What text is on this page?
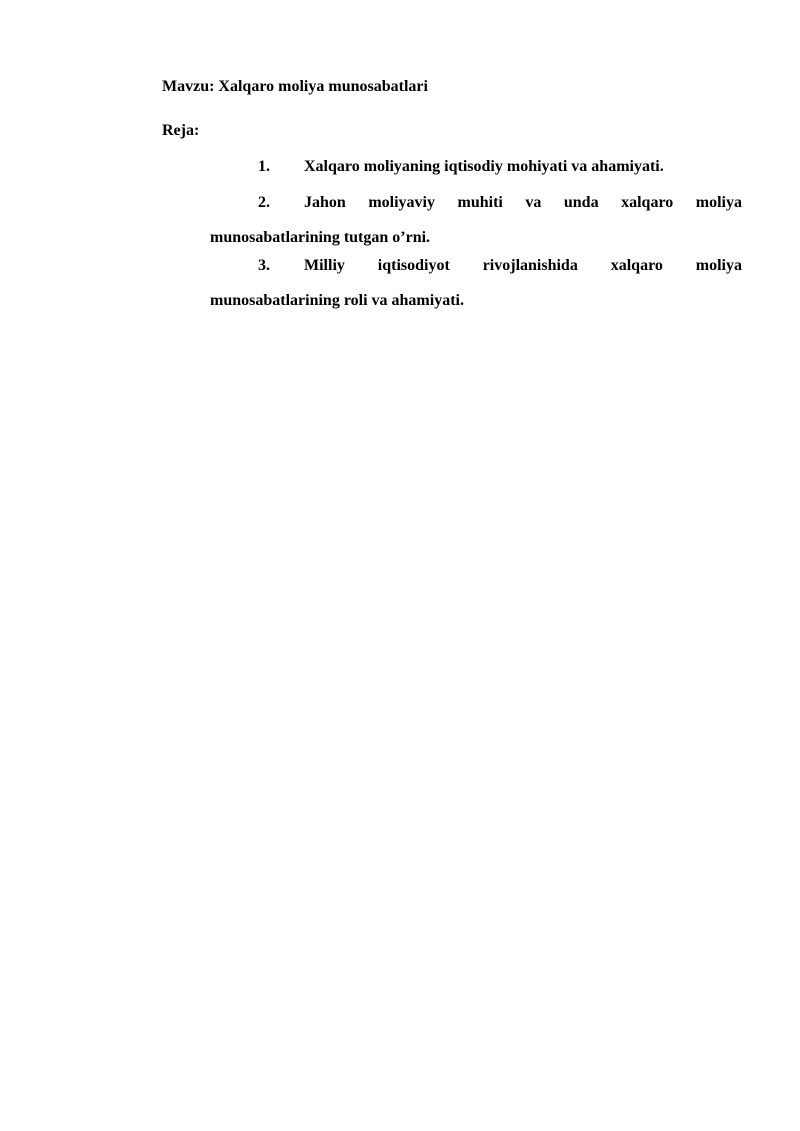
Mavzu: Xalqaro moliya munosabatlari
Reja:
1.	Xalqaro moliyaning iqtisodiy mohiyati va ahamiyati.
2.	Jahon moliyaviy muhiti va unda xalqaro moliya
munosabatlarining tutgan o’rni.
3.	Milliy iqtisodiyot rivojlanishida xalqaro moliya
munosabatlarining roli va ahamiyati.
